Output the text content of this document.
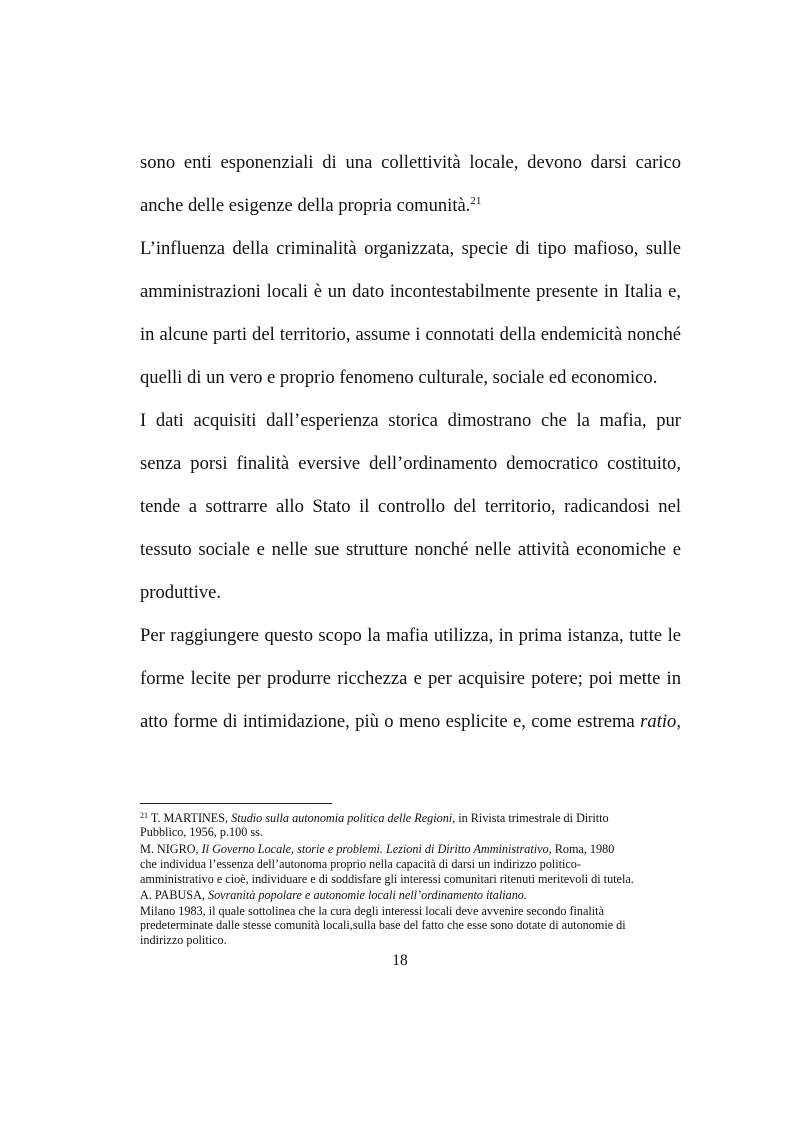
sono enti esponenziali di una collettività locale, devono darsi carico
anche delle esigenze della propria comunità.$^{21}$
L’influenza della criminalità organizzata, specie di tipo mafioso, sulle
amministrazioni locali è un dato incontestabilmente presente in Italia e,
in alcune parti del territorio, assume i connotati della endemicità nonché
quelli di un vero e proprio fenomeno culturale, sociale ed economico.
I dati acquisiti dall’esperienza storica dimostrano che la mafia, pur
senza porsi finalità eversive dell’ordinamento democratico costituito,
tende a sottrarre allo Stato il controllo del territorio, radicandosi nel
tessuto sociale e nelle sue strutture nonché nelle attività economiche e
produttive.
Per raggiungere questo scopo la mafia utilizza, in prima istanza, tutte le
forme lecite per produrre ricchezza e per acquisire potere; poi mette in
atto forme di intimidazione, più o meno esplicite e, come estrema ratio,
$^{21}$ T. MARTINES, Studio sulla autonomia politica delle Regioni, in Rivista trimestrale di Diritto
Pubblico, 1956, p.100 ss.
M. NIGRO, Il Governo Locale, storie e problemi. Lezioni di Diritto Amministrativo, Roma, 1980
che individua l’essenza dell’autonoma proprio nella capacità di darsi un indirizzo politico-
amministrativo e cioè, individuare e di soddisfare gli interessi comunitari ritenuti meritevoli di tutela.
A. PABUSA, Sovranità popolare e autonomie locali nell’ordinamento italiano.
Milano 1983, il quale sottolinea che la cura degli interessi locali deve avvenire secondo finalità
predeterminate dalle stesse comunità locali,sulla base del fatto che esse sono dotate di autonomie di
indirizzo politico.
18
